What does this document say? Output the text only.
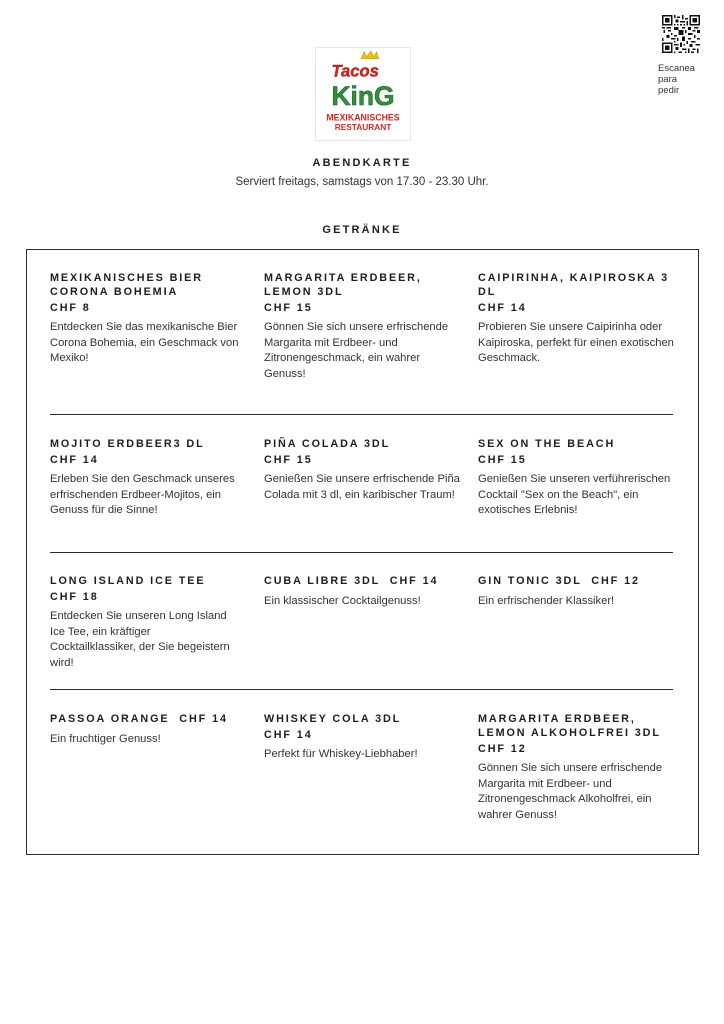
Escanea
para
pedir
Tacos
KinG
MEXIKANISCHES
RESTAURANT
ABENDKARTE
Serviert freitags, samstags von 17.30 - 23.30 Uhr.
GETRÄNKE
MEXIKANISCHES BIER CORONA BOHEMIA
CHF 8
Entdecken Sie das mexikanische Bier Corona Bohemia, ein Geschmack von Mexiko!
MARGARITA ERDBEER, LEMON 3DL
CHF 15
Gönnen Sie sich unsere erfrischende Margarita mit Erdbeer- und Zitronengeschmack, ein wahrer Genuss!
CAIPIRINHA, KAIPIROSKA 3 DL
CHF 14
Probieren Sie unsere Caipirinha oder Kaipiroska, perfekt für einen exotischen Geschmack.
MOJITO ERDBEER3 DL
CHF 14
Erleben Sie den Geschmack unseres erfrischenden Erdbeer-Mojitos, ein Genuss für die Sinne!
PIÑA COLADA 3DL
CHF 15
Genießen Sie unsere erfrischende Piña Colada mit 3 dl, ein karibischer Traum!
SEX ON THE BEACH
CHF 15
Genießen Sie unseren verführerischen Cocktail "Sex on the Beach", ein exotisches Erlebnis!
LONG ISLAND ICE TEE
CHF 18
Entdecken Sie unseren Long Island Ice Tee, ein kräftiger Cocktailklassiker, der Sie begeistern wird!
CUBA LIBRE 3DL  CHF 14
Ein klassischer Cocktailgenuss!
GIN TONIC 3DL  CHF 12
Ein erfrischender Klassiker!
PASSOA ORANGE  CHF 14
Ein fruchtiger Genuss!
WHISKEY COLA 3DL
CHF 14
Perfekt für Whiskey-Liebhaber!
MARGARITA ERDBEER, LEMON ALKOHOLFREI 3DL
CHF 12
Gönnen Sie sich unsere erfrischende Margarita mit Erdbeer- und Zitronengeschmack Alkoholfrei, ein wahrer Genuss!
